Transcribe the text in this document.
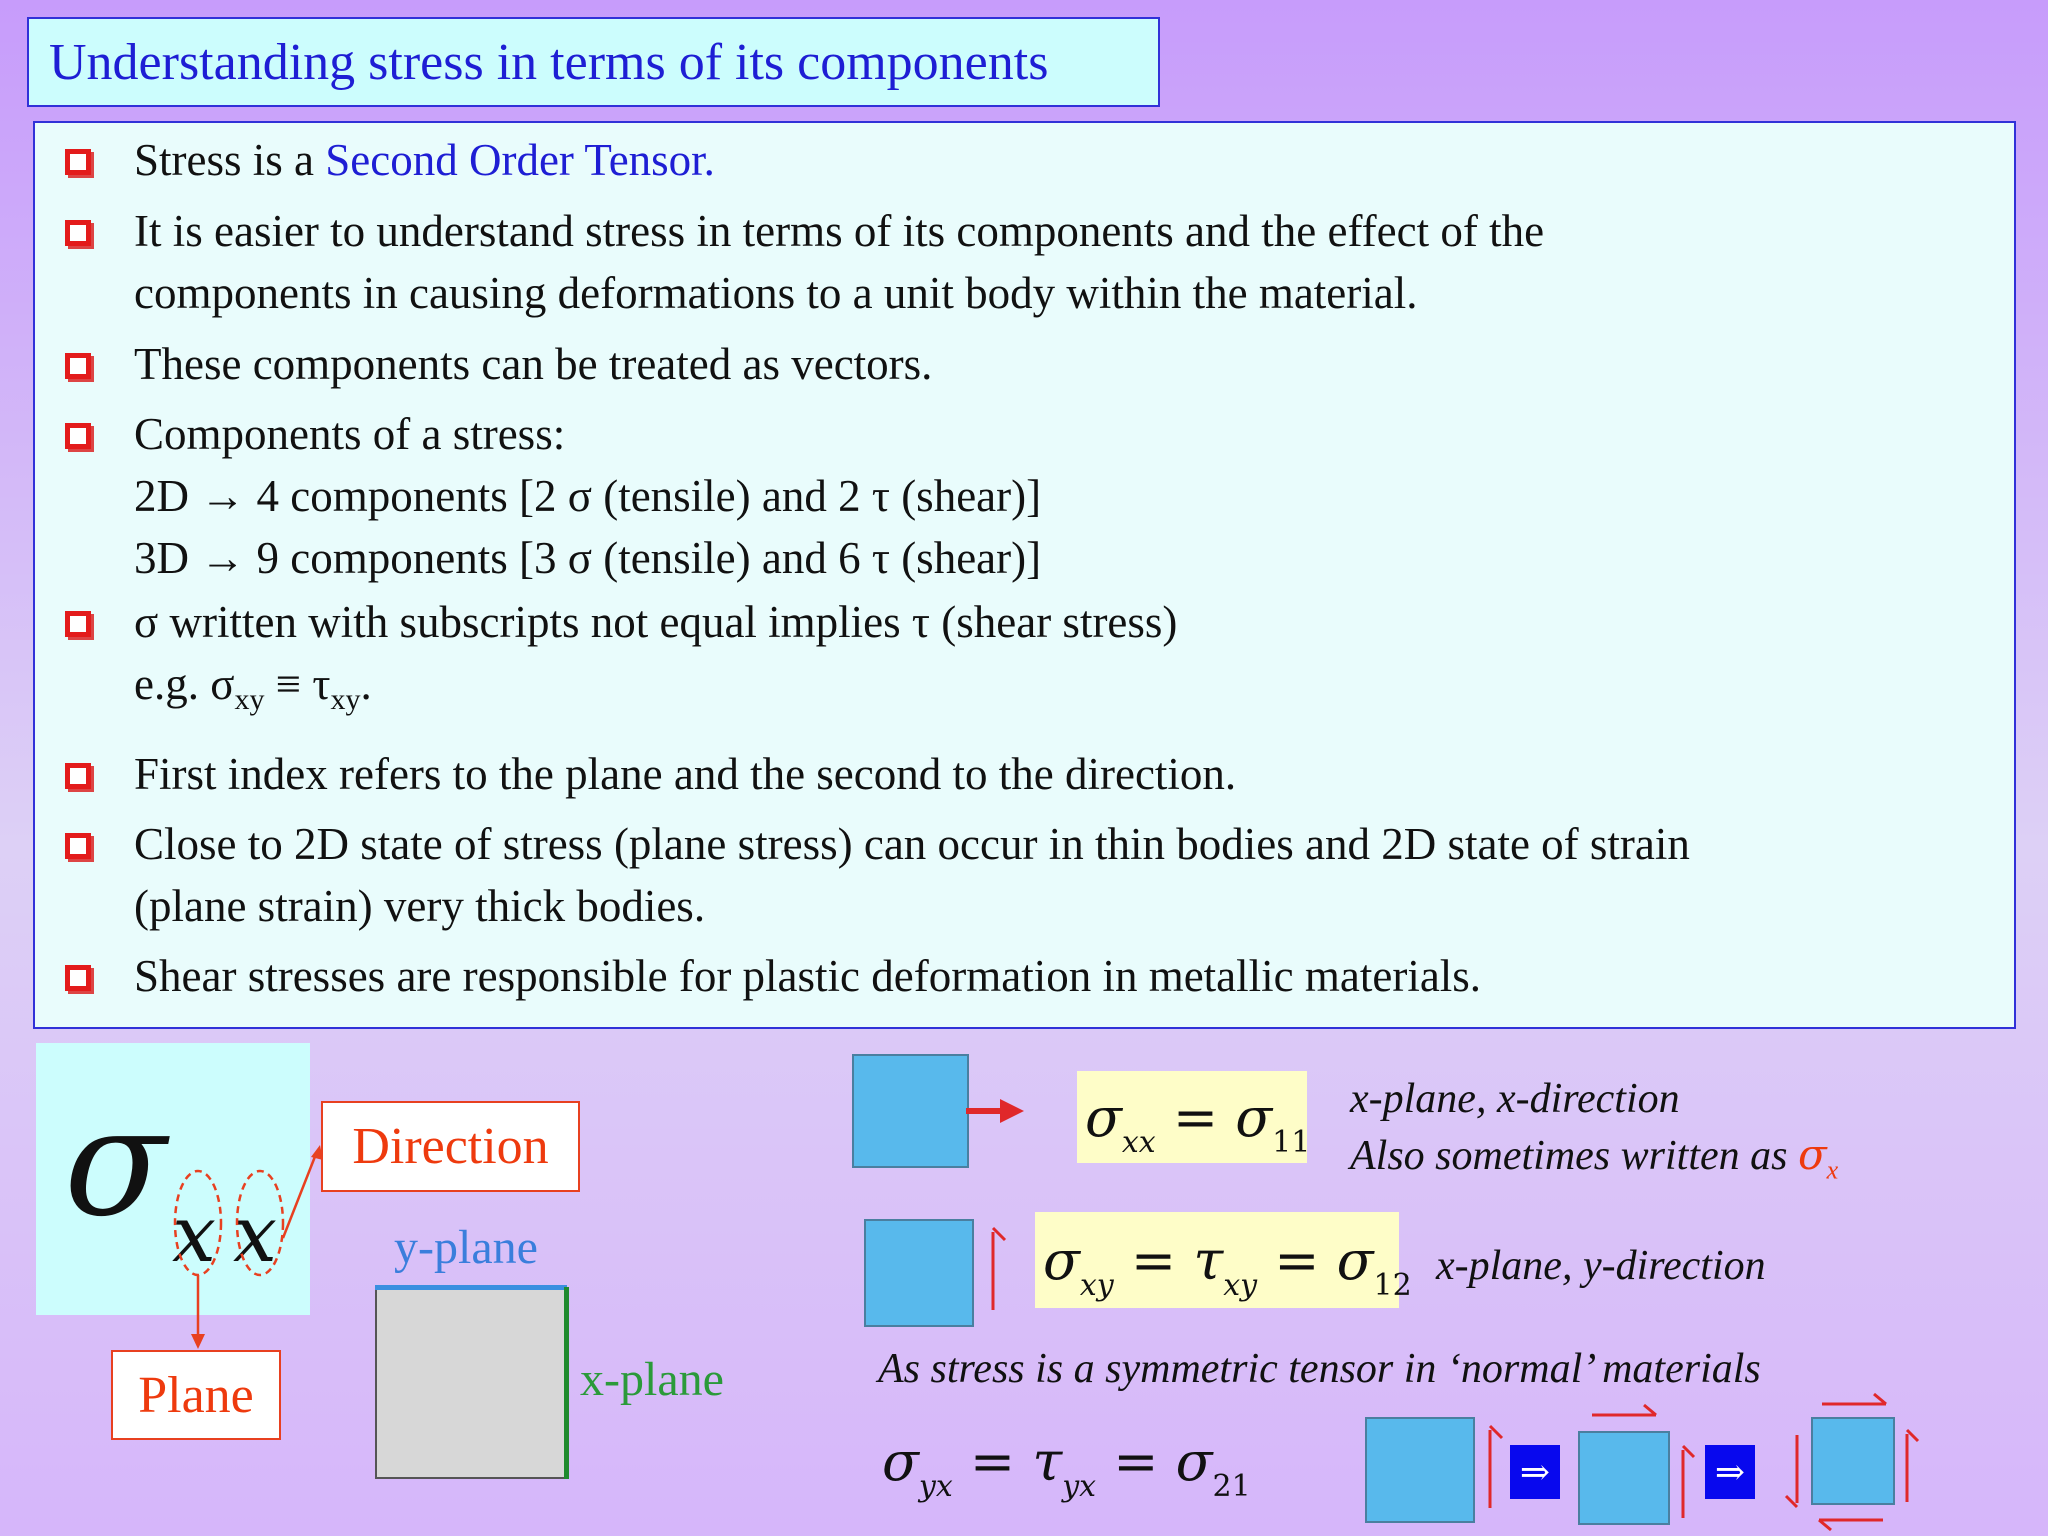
Understanding stress in terms of its components
Stress is a Second Order Tensor.
It is easier to understand stress in terms of its components and the effect of the
components in causing deformations to a unit body within the material.
These components can be treated as vectors.
Components of a stress:
2D → 4 components [2 σ (tensile) and 2 τ (shear)]
3D → 9 components [3 σ (tensile) and 6 τ (shear)]
σ written with subscripts not equal implies τ (shear stress)
e.g. $\sigma_{xy} \equiv \tau_{xy}$.
First index refers to the plane and the second to the direction.
Close to 2D state of stress (plane stress) can occur in thin bodies and 2D state of strain
(plane strain) very thick bodies.
Shear stresses are responsible for plastic deformation in metallic materials.
σ x x
Direction
Plane
y-plane
x-plane
$\sigma_{xx} = \sigma_{11}$
x-plane, x-direction
Also sometimes written as $\sigma_x$
$\sigma_{xy} = \tau_{xy} = \sigma_{12}$ x-plane, y-direction
As stress is a symmetric tensor in ‘normal’ materials
$\sigma_{yx} = \tau_{yx} = \sigma_{21}$	⇒	⇒
